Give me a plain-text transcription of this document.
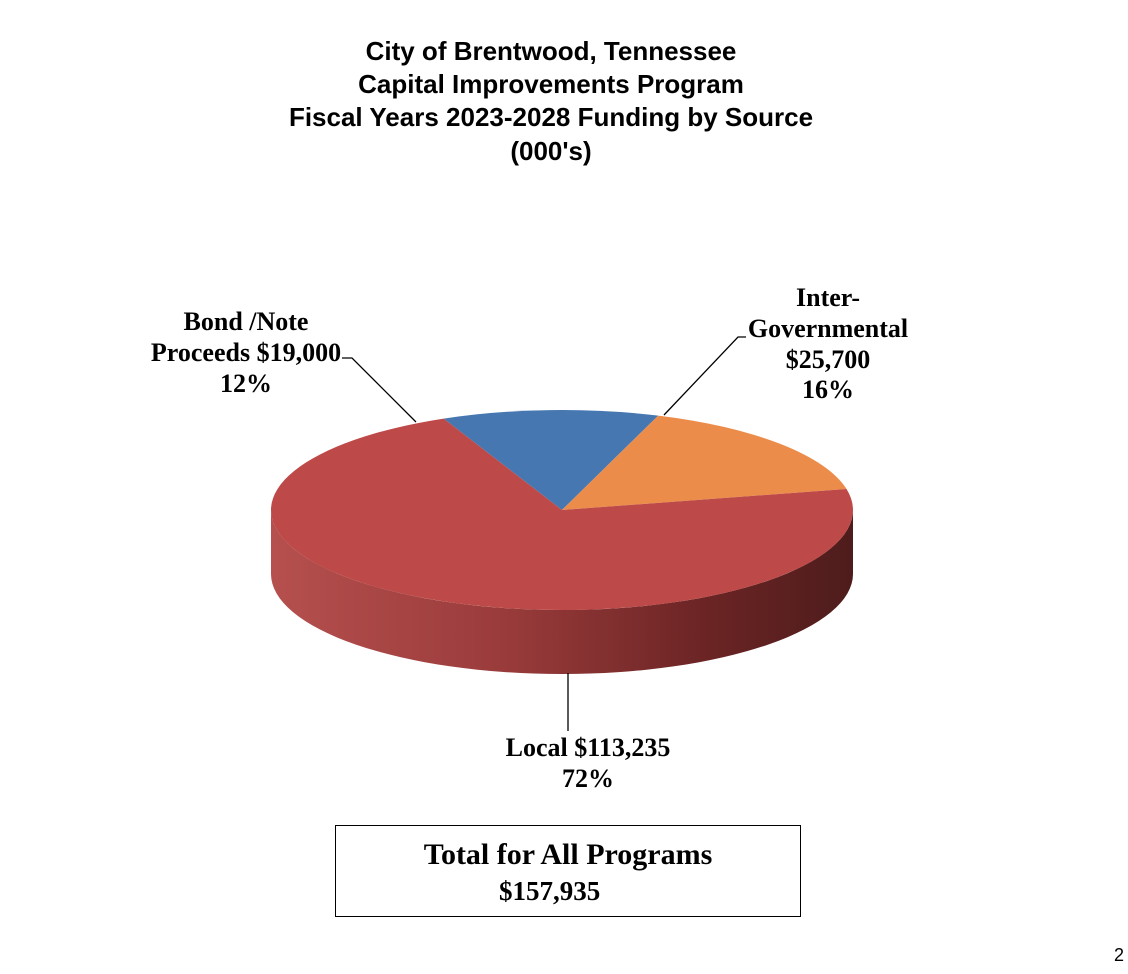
City of Brentwood, Tennessee
Capital Improvements Program
Fiscal Years 2023-2028 Funding by Source
(000's)
Bond /Note
Proceeds $19,000
12%
Inter-
Governmental
$25,700
16%
Local $113,235
72%
Total for All Programs
$157,935
2
